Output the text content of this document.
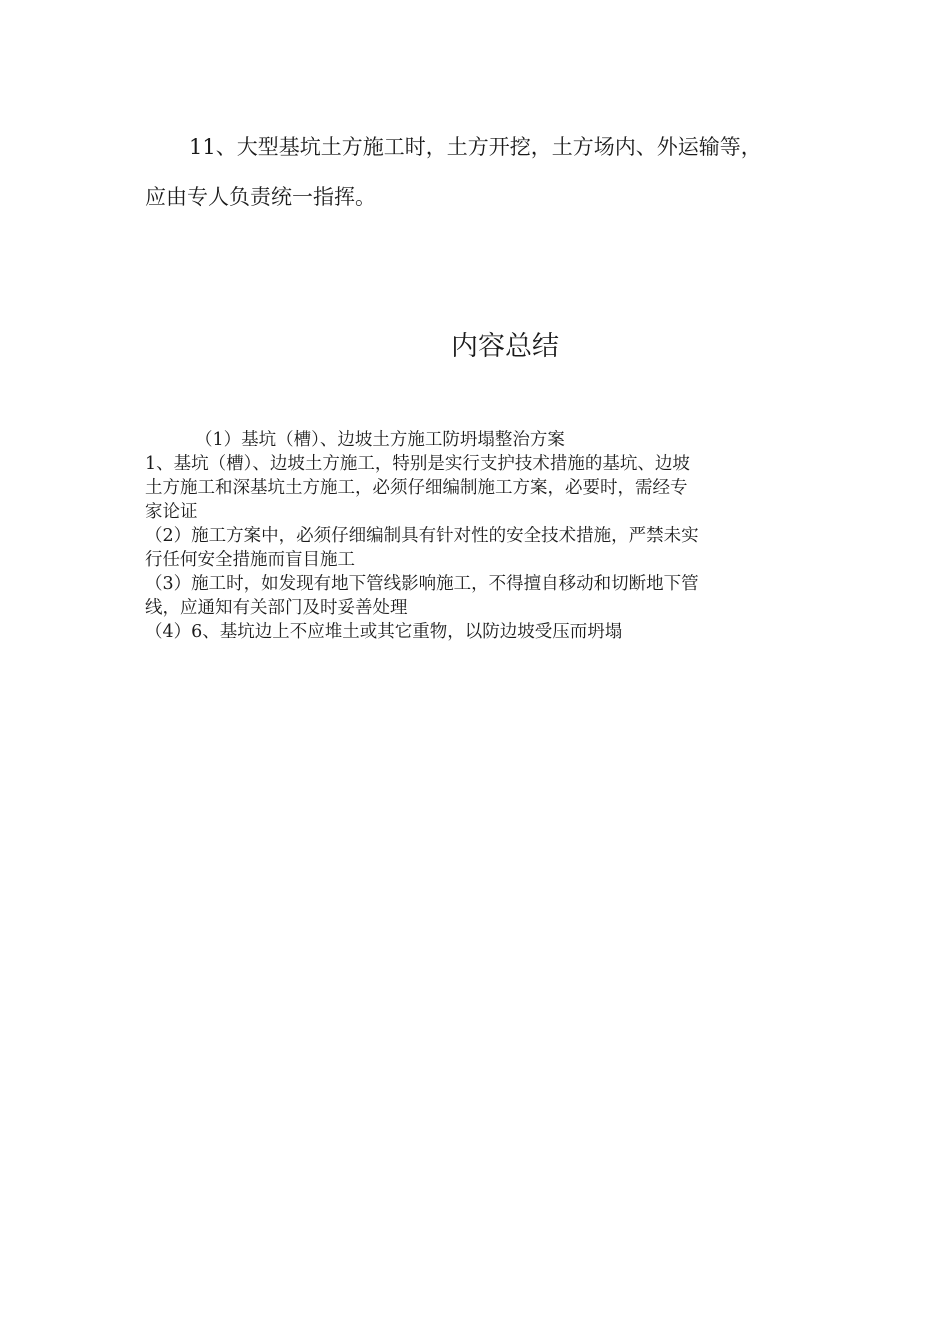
11、大型基坑土方施工时，土方开挖，土方场内、外运输等，
应由专人负责统一指挥。
内容总结
（1）基坑（槽）、边坡土方施工防坍塌整治方案
1、基坑（槽）、边坡土方施工，特别是实行支护技术措施的基坑、边坡
土方施工和深基坑土方施工，必须仔细编制施工方案，必要时，需经专
家论证
（2）施工方案中，必须仔细编制具有针对性的安全技术措施，严禁未实
行任何安全措施而盲目施工
（3）施工时，如发现有地下管线影响施工，不得擅自移动和切断地下管
线，应通知有关部门及时妥善处理
（4）6、基坑边上不应堆土或其它重物，以防边坡受压而坍塌
